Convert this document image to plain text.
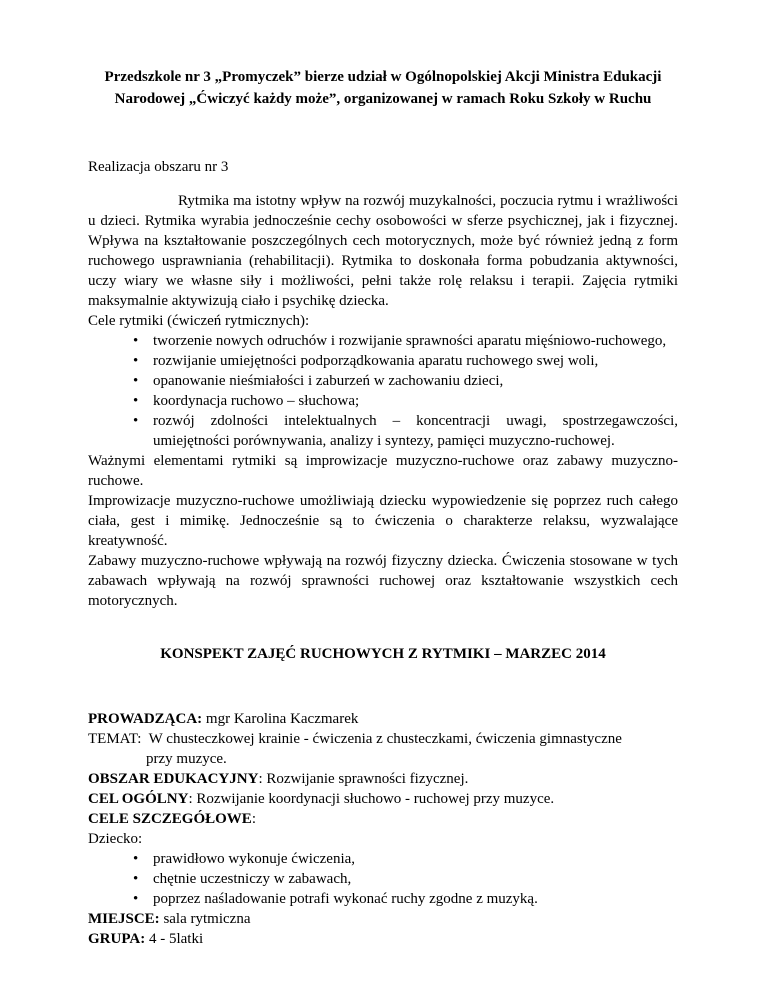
Przedszkole nr 3 „Promyczek” bierze udział w Ogólnopolskiej Akcji Ministra Edukacji
Narodowej „Ćwiczyć każdy może”, organizowanej w ramach Roku Szkoły w Ruchu

Realizacja obszaru nr 3

Rytmika ma istotny wpływ na rozwój muzykalności, poczucia rytmu i wrażliwości u dzieci. Rytmika wyrabia jednocześnie cechy osobowości w sferze psychicznej, jak i fizycznej. Wpływa na kształtowanie poszczególnych cech motorycznych, może być również jedną z form ruchowego usprawniania (rehabilitacji). Rytmika to doskonała forma pobudzania aktywności, uczy wiary we własne siły i możliwości, pełni także rolę relaksu i terapii. Zajęcia rytmiki maksymalnie aktywizują ciało i psychikę dziecka.

Cele rytmiki (ćwiczeń rytmicznych):

• tworzenie nowych odruchów i rozwijanie sprawności aparatu mięśniowo-ruchowego,
• rozwijanie umiejętności podporządkowania aparatu ruchowego swej woli,
• opanowanie nieśmiałości i zaburzeń w zachowaniu dzieci,
• koordynacja ruchowo – słuchowa;
• rozwój zdolności intelektualnych – koncentracji uwagi, spostrzegawczości, umiejętności porównywania, analizy i syntezy, pamięci muzyczno-ruchowej.

Ważnymi elementami rytmiki są improwizacje muzyczno-ruchowe oraz zabawy muzyczno-ruchowe.

Improwizacje muzyczno-ruchowe umożliwiają dziecku wypowiedzenie się poprzez ruch całego ciała, gest i mimikę. Jednocześnie są to ćwiczenia o charakterze relaksu, wyzwalające kreatywność.

Zabawy muzyczno-ruchowe wpływają na rozwój fizyczny dziecka. Ćwiczenia stosowane w tych zabawach wpływają na rozwój sprawności ruchowej oraz kształtowanie wszystkich cech motorycznych.

KONSPEKT ZAJĘĆ RUCHOWYCH Z RYTMIKI – MARZEC 2014

PROWADZĄCA: mgr Karolina Kaczmarek

TEMAT:  W chusteczkowej krainie - ćwiczenia z chusteczkami, ćwiczenia gimnastyczne

przy muzyce.

OBSZAR EDUKACYJNY: Rozwijanie sprawności fizycznej.

CEL OGÓLNY: Rozwijanie koordynacji słuchowo - ruchowej przy muzyce.

CELE SZCZEGÓŁOWE:

Dziecko:

• prawidłowo wykonuje ćwiczenia,
• chętnie uczestniczy w zabawach,
• poprzez naśladowanie potrafi wykonać ruchy zgodne z muzyką.

MIEJSCE: sala rytmiczna

GRUPA: 4 - 5latki
